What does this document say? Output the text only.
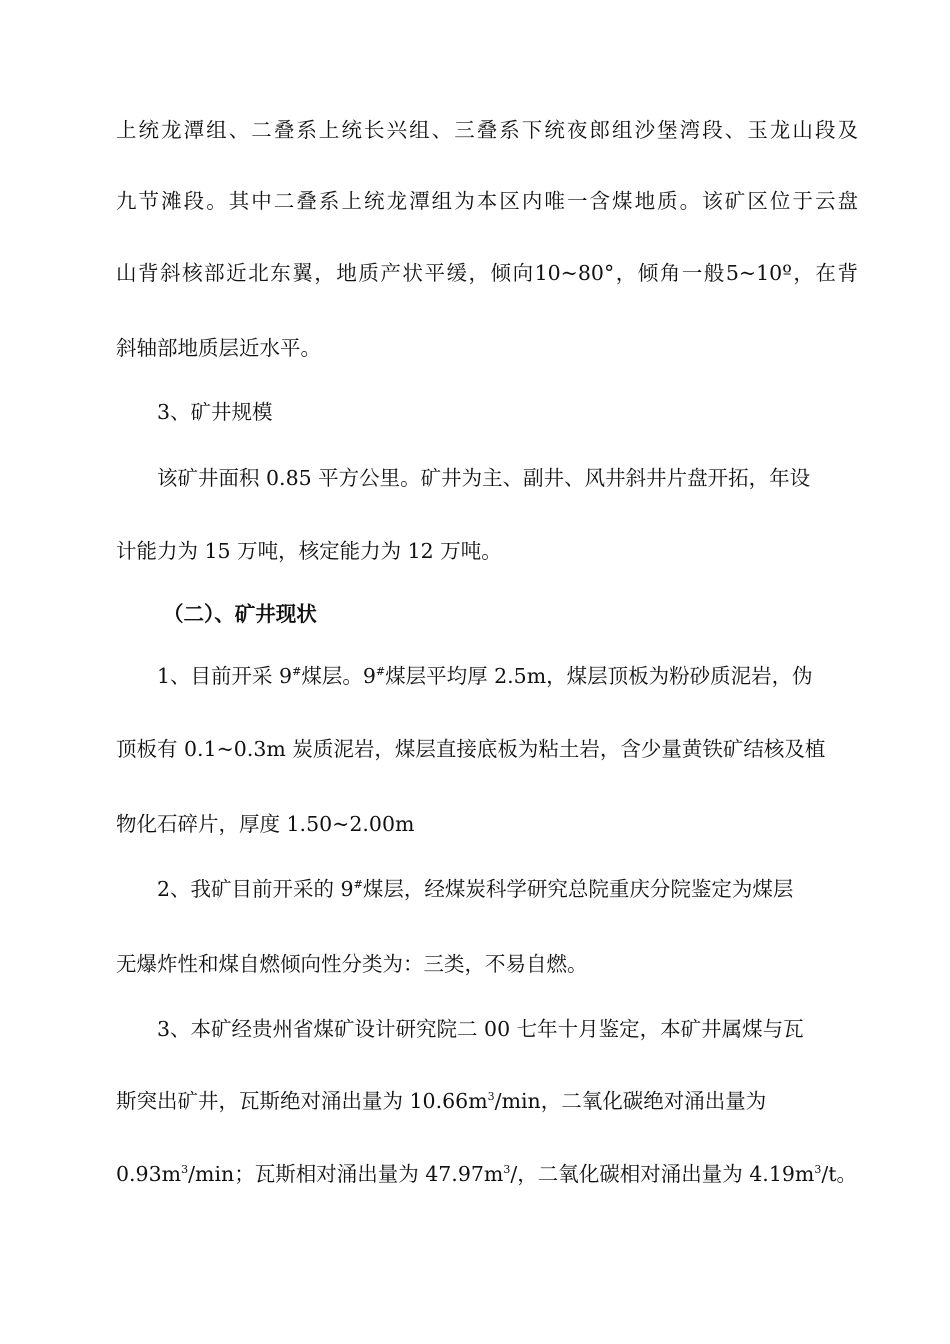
上 统 龙 潭 组 、 二 叠 系 上 统 长 兴 组 、 三 叠 系 下 统 夜 郎 组 沙 堡 湾 段 、 玉 龙 山 段 及
九 节 滩 段 。 其 中 二 叠 系 上 统 龙 潭 组 为 本 区 内 唯 一 含 煤 地 质 。 该 矿 区 位 于 云 盘
山 背 斜 核 部 近 北 东 翼 ， 地 质 产 状 平 缓 ， 倾 向 10~80° ， 倾 角 一 般 5~10º ， 在 背
斜轴部地质层近水平。
3、矿井规模
该矿井面积 0.85 平方公里。矿井为主、副井、风井斜井片盘开拓，年设
计能力为 15 万吨，核定能力为 12 万吨。
（二）、矿井现状
1、目前开采 9#煤层。9#煤层平均厚 2.5m，煤层顶板为粉砂质泥岩，伪
顶板有 0.1~0.3m 炭质泥岩，煤层直接底板为粘土岩，含少量黄铁矿结核及植
物化石碎片，厚度 1.50~2.00m
2、我矿目前开采的 9#煤层，经煤炭科学研究总院重庆分院鉴定为煤层
无爆炸性和煤自燃倾向性分类为：三类，不易自燃。
3、本矿经贵州省煤矿设计研究院二 00 七年十月鉴定，本矿井属煤与瓦
斯突出矿井，瓦斯绝对涌出量为 $10.66m^3/\min$，二氧化碳绝对涌出量为
$0.93m^3/\min$；瓦斯相对涌出量为 $47.97m^3/$，二氧化碳相对涌出量为 $4.19m^3/t$。
